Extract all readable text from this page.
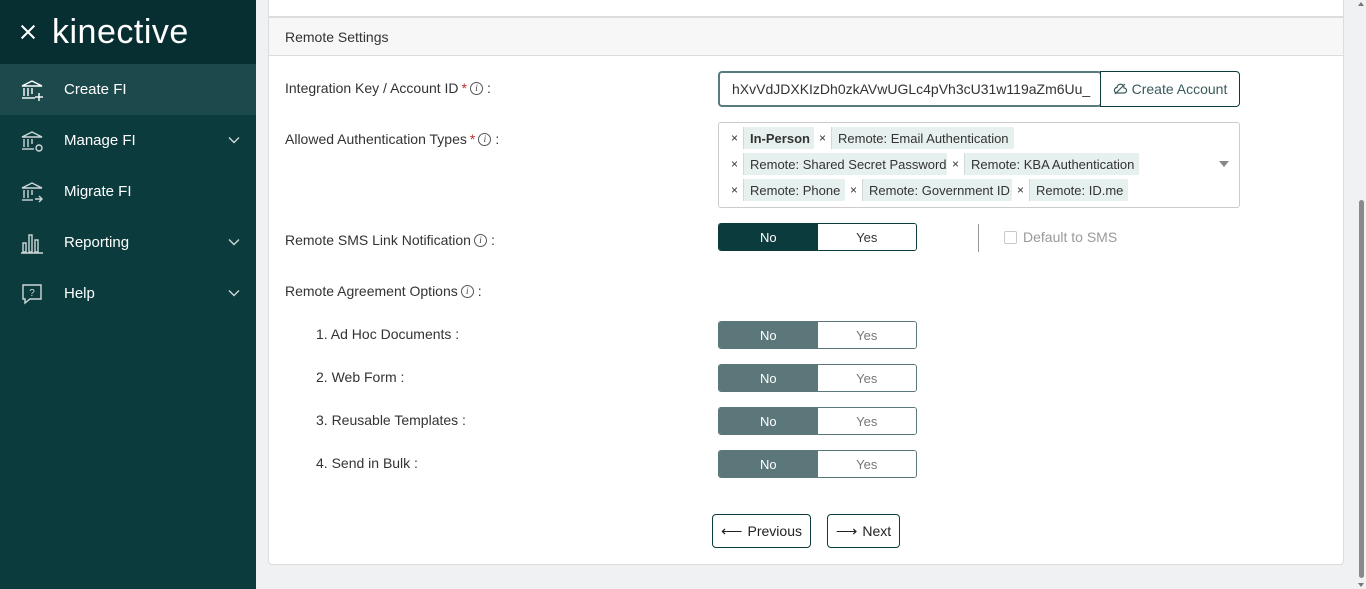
kinective
Create FI
Manage FI
Migrate FI
Reporting
? Help
Remote Settings
Integration Key / Account ID * i :	hXvVdJDXKIzDh0zkAVwUGLc4pVh3cU31w119aZm6Uu_	Create Account
Allowed Authentication Types * i :	× In-Person × Remote: Email Authentication
× Remote: Shared Secret Password × Remote: KBA Authentication
× Remote: Phone × Remote: Government ID × Remote: ID.me
Remote SMS Link Notification i :	No	Yes	Default to SMS
Remote Agreement Options i :
1. Ad Hoc Documents :	No	Yes
2. Web Form :	No	Yes
3. Reusable Templates :	No	Yes
4. Send in Bulk :	No	Yes
⟵ Previous ⟶ Next
